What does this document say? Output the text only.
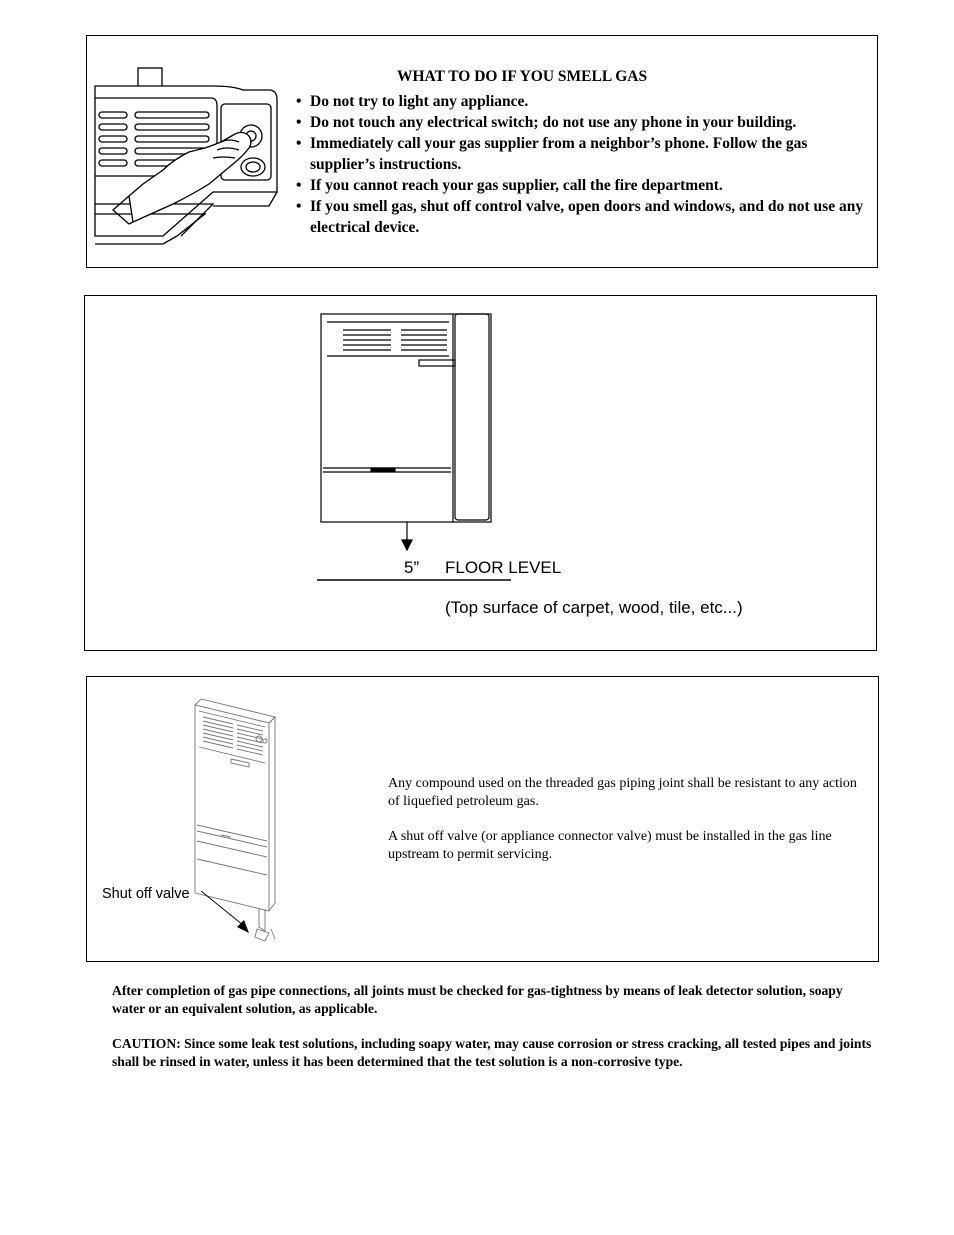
WHAT TO DO IF YOU SMELL GAS
• Do not try to light any appliance.
• Do not touch any electrical switch; do not use any phone in your building.
• Immediately call your gas supplier from a neighbor’s phone. Follow the gas supplier’s instructions.
• If you cannot reach your gas supplier, call the fire department.
• If you smell gas, shut off control valve, open doors and windows, and do not use any electrical device.
5” FLOOR LEVEL
(Top surface of carpet, wood, tile, etc...)
Any compound used on the threaded gas piping joint shall be resistant to any action of liquefied petroleum gas.
A shut off valve (or appliance connector valve) must be installed in the gas line upstream to permit servicing.
Shut off valve
After completion of gas pipe connections, all joints must be checked for gas-tightness by means of leak detector solution, soapy water or an equivalent solution, as applicable.
CAUTION: Since some leak test solutions, including soapy water, may cause corrosion or stress cracking, all tested pipes and joints shall be rinsed in water, unless it has been determined that the test solution is a non-corrosive type.
